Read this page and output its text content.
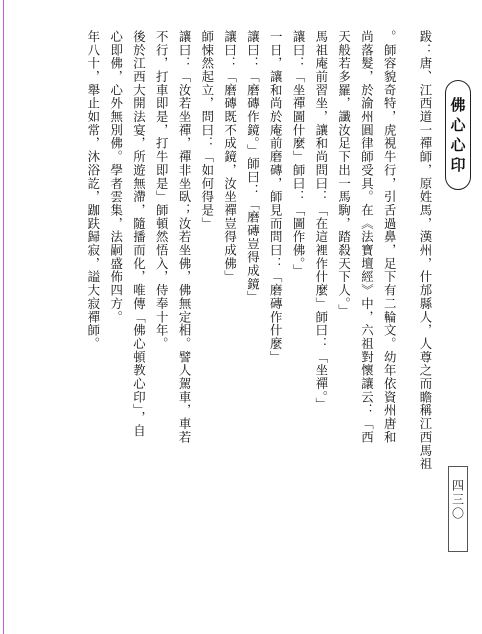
佛心心印
跋：唐、江西道一禪師，原姓馬，漢州，什邡縣人，人尊之而瞻稱江西馬祖
。師容貌奇特，虎視牛行，引舌過鼻，足下有二輪文。幼年依資州唐和
尚落髮，於渝州圓律師受具。在《法寶壇經》中，六祖對懷讓云：「西
天般若多羅，讖汝足下出一馬駒，踏殺天下人。」
馬祖庵前習坐，讓和尚問曰：「在這裡作什麼」師曰：「坐禪。」
讓曰：「坐禪圖什麼」師曰：「圖作佛。」
一日，讓和尚於庵前磨磚，師見而問曰：「磨磚作什麼」
讓曰：「磨磚作鏡。」師曰：「磨磚豈得成鏡」
讓曰：「磨磚既不成鏡，汝坐禪豈得成佛」
師悚然起立，問曰：「如何得是」
讓曰：「汝若坐禪，禪非坐臥；汝若坐佛，佛無定相。譬人駕車，車若
不行，打車即是，打牛即是」師頓然悟入，侍奉十年。
後於江西大開法宴，所遊無滯，隨播而化，唯傳「佛心頓教心印」，自
心即佛，心外無別佛。學者雲集，法嗣盛佈四方。
年八十，舉止如常，沐浴訖，跏趺歸寂，謚大寂禪師。
四三〇
